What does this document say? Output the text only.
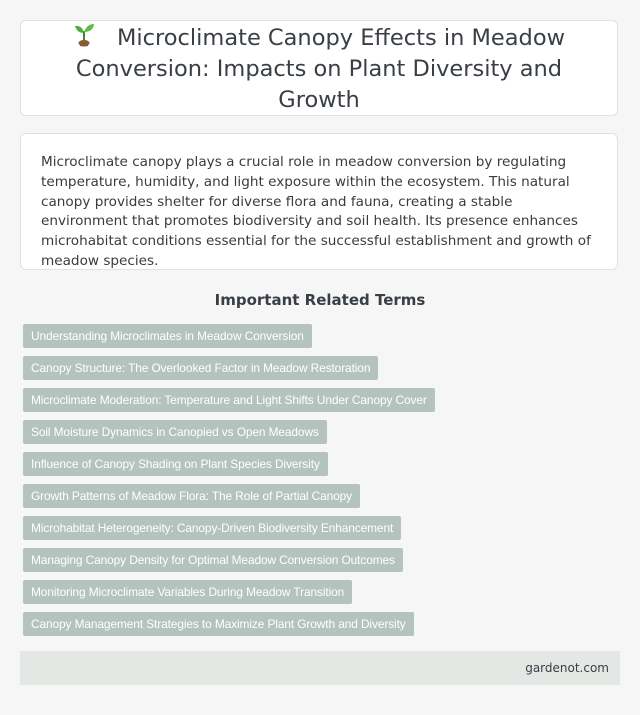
Microclimate Canopy Effects in Meadow Conversion: Impacts on Plant Diversity and Growth

Microclimate canopy plays a crucial role in meadow conversion by regulating temperature, humidity, and light exposure within the ecosystem. This natural canopy provides shelter for diverse flora and fauna, creating a stable environment that promotes biodiversity and soil health. Its presence enhances microhabitat conditions essential for the successful establishment and growth of meadow species.

Important Related Terms
Understanding Microclimates in Meadow Conversion
Canopy Structure: The Overlooked Factor in Meadow Restoration
Microclimate Moderation: Temperature and Light Shifts Under Canopy Cover
Soil Moisture Dynamics in Canopied vs Open Meadows
Influence of Canopy Shading on Plant Species Diversity
Growth Patterns of Meadow Flora: The Role of Partial Canopy
Microhabitat Heterogeneity: Canopy-Driven Biodiversity Enhancement
Managing Canopy Density for Optimal Meadow Conversion Outcomes
Monitoring Microclimate Variables During Meadow Transition
Canopy Management Strategies to Maximize Plant Growth and Diversity
gardenot.com
